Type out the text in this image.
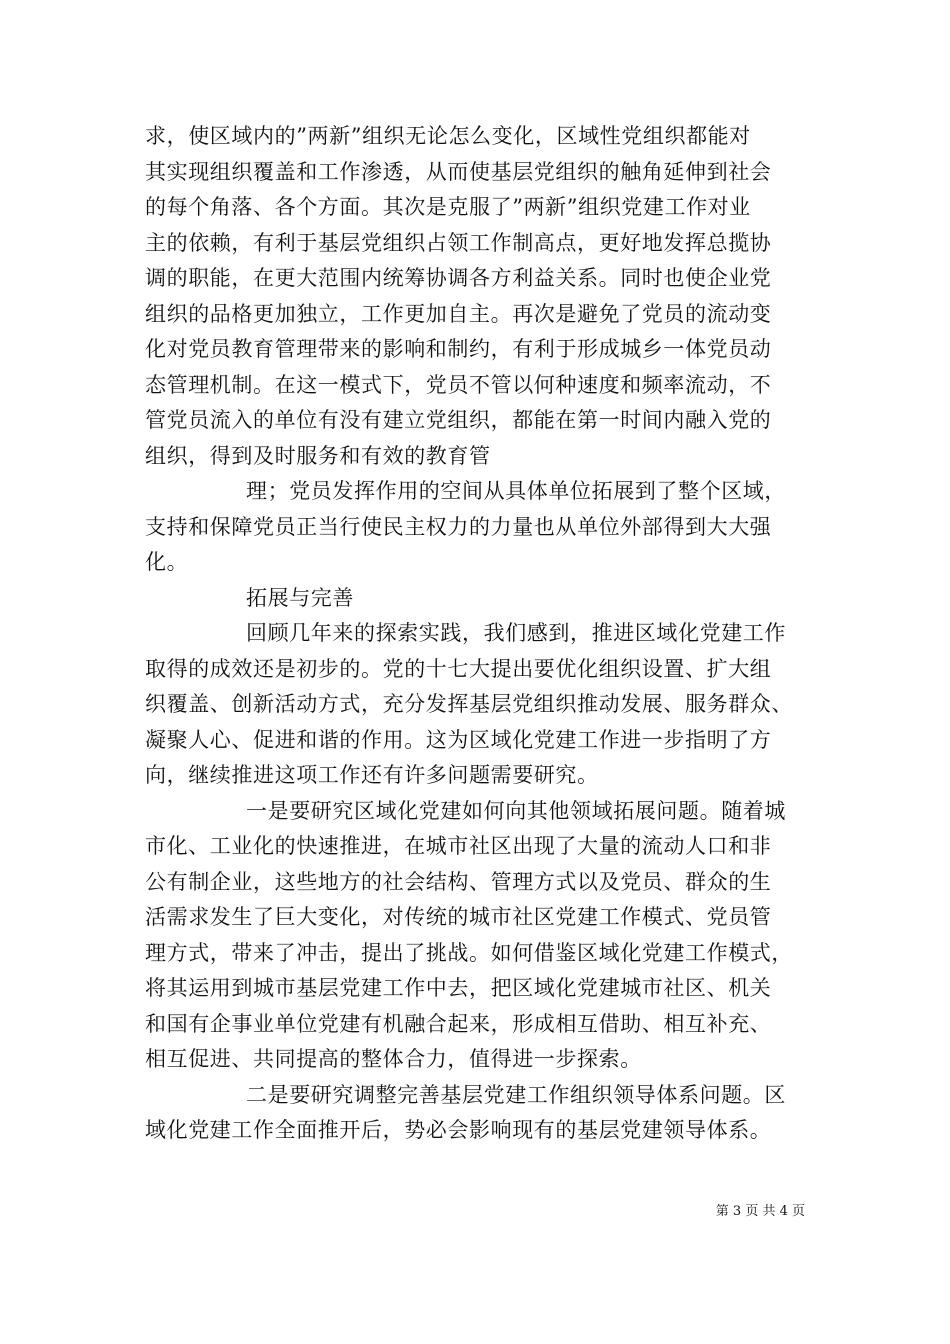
求，使区域内的”两新”组织无论怎么变化，区域性党组织都能对
其实现组织覆盖和工作渗透，从而使基层党组织的触角延伸到社会
的每个角落、各个方面。其次是克服了”两新”组织党建工作对业
主的依赖，有利于基层党组织占领工作制高点，更好地发挥总揽协
调的职能，在更大范围内统筹协调各方利益关系。同时也使企业党
组织的品格更加独立，工作更加自主。再次是避免了党员的流动变
化对党员教育管理带来的影响和制约，有利于形成城乡一体党员动
态管理机制。在这一模式下，党员不管以何种速度和频率流动，不
管党员流入的单位有没有建立党组织，都能在第一时间内融入党的
组织，得到及时服务和有效的教育管
理；党员发挥作用的空间从具体单位拓展到了整个区域，
支持和保障党员正当行使民主权力的力量也从单位外部得到大大强
化。
拓展与完善
回顾几年来的探索实践，我们感到，推进区域化党建工作
取得的成效还是初步的。党的十七大提出要优化组织设置、扩大组
织覆盖、创新活动方式，充分发挥基层党组织推动发展、服务群众、
凝聚人心、促进和谐的作用。这为区域化党建工作进一步指明了方
向，继续推进这项工作还有许多问题需要研究。
一是要研究区域化党建如何向其他领域拓展问题。随着城
市化、工业化的快速推进，在城市社区出现了大量的流动人口和非
公有制企业，这些地方的社会结构、管理方式以及党员、群众的生
活需求发生了巨大变化，对传统的城市社区党建工作模式、党员管
理方式，带来了冲击，提出了挑战。如何借鉴区域化党建工作模式，
将其运用到城市基层党建工作中去，把区域化党建城市社区、机关
和国有企事业单位党建有机融合起来，形成相互借助、相互补充、
相互促进、共同提高的整体合力，值得进一步探索。
二是要研究调整完善基层党建工作组织领导体系问题。区
域化党建工作全面推开后，势必会影响现有的基层党建领导体系。
第 3 页 共 4 页
